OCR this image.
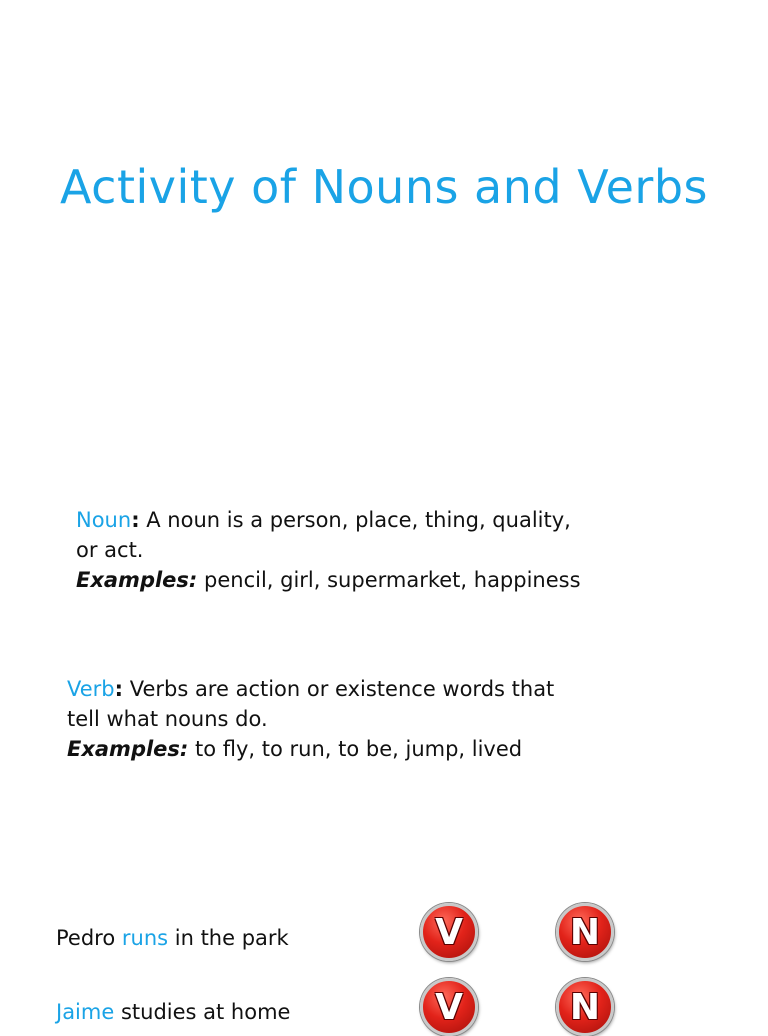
Activity of Nouns and Verbs
Noun: A noun is a person, place, thing, quality,
or act.
Examples: pencil, girl, supermarket, happiness
Verb: Verbs are action or existence words that
tell what nouns do.
Examples: to fly, to run, to be, jump, lived
Pedro runs in the park	V	N
Jaime studies at home	V	N
